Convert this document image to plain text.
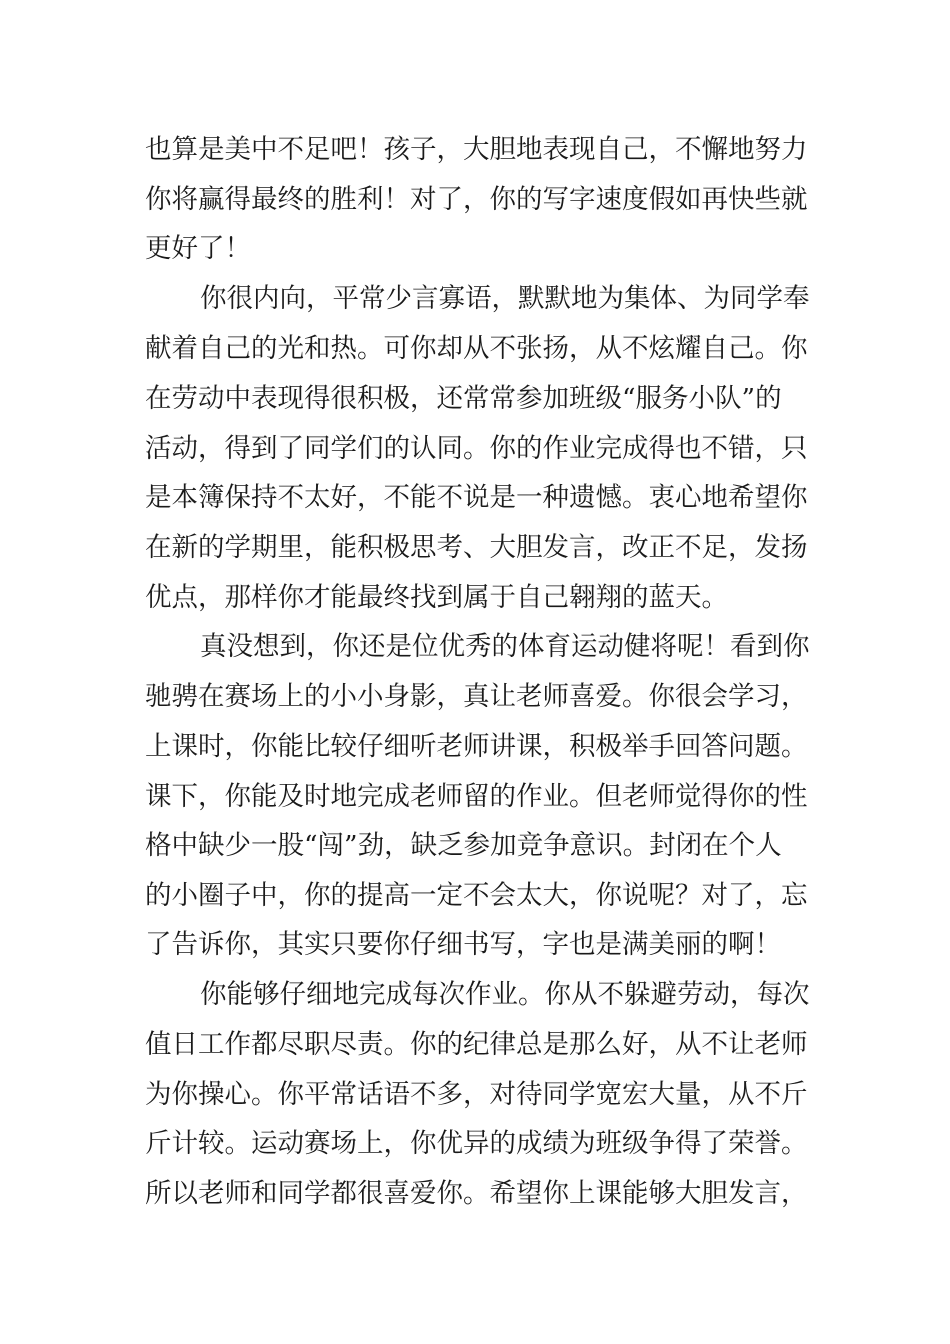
也算是美中不足吧！孩子，大胆地表现自己，不懈地努力

你将赢得最终的胜利！对了，你的写字速度假如再快些就

更好了！

你很内向，平常少言寡语，默默地为集体、为同学奉

献着自己的光和热。可你却从不张扬，从不炫耀自己。你

在劳动中表现得很积极，还常常参加班级“服务小队”的

活动，得到了同学们的认同。你的作业完成得也不错，只

是本簿保持不太好，不能不说是一种遗憾。衷心地希望你

在新的学期里，能积极思考、大胆发言，改正不足，发扬

优点，那样你才能最终找到属于自己翱翔的蓝天。

真没想到，你还是位优秀的体育运动健将呢！看到你

驰骋在赛场上的小小身影，真让老师喜爱。你很会学习，

上课时，你能比较仔细听老师讲课，积极举手回答问题。

课下，你能及时地完成老师留的作业。但老师觉得你的性

格中缺少一股“闯”劲，缺乏参加竞争意识。封闭在个人

的小圈子中，你的提高一定不会太大，你说呢？对了，忘

了告诉你，其实只要你仔细书写，字也是满美丽的啊！

你能够仔细地完成每次作业。你从不躲避劳动，每次

值日工作都尽职尽责。你的纪律总是那么好，从不让老师

为你操心。你平常话语不多，对待同学宽宏大量，从不斤

斤计较。运动赛场上，你优异的成绩为班级争得了荣誉。

所以老师和同学都很喜爱你。希望你上课能够大胆发言，
